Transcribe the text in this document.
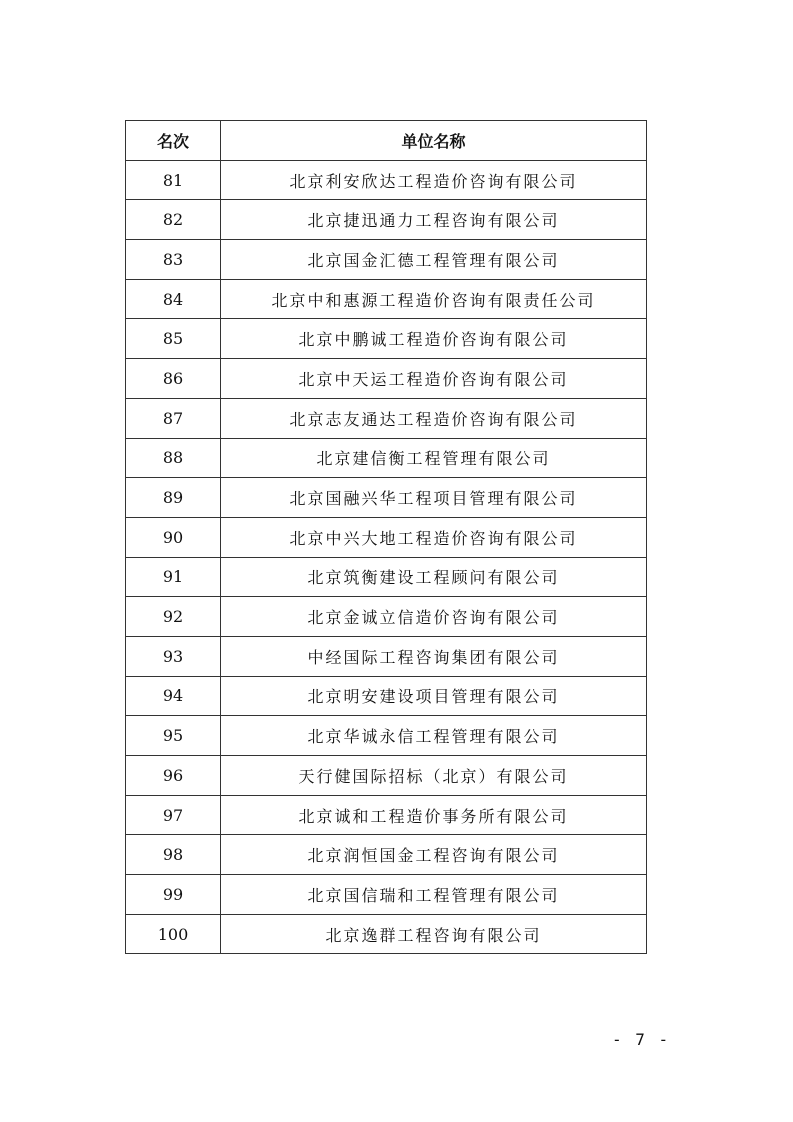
名次	单位名称
81	北京利安欣达工程造价咨询有限公司
82	北京捷迅通力工程咨询有限公司
83	北京国金汇德工程管理有限公司
84	北京中和惠源工程造价咨询有限责任公司
85	北京中鹏诚工程造价咨询有限公司
86	北京中天运工程造价咨询有限公司
87	北京志友通达工程造价咨询有限公司
88	北京建信衡工程管理有限公司
89	北京国融兴华工程项目管理有限公司
90	北京中兴大地工程造价咨询有限公司
91	北京筑衡建设工程顾问有限公司
92	北京金诚立信造价咨询有限公司
93	中经国际工程咨询集团有限公司
94	北京明安建设项目管理有限公司
95	北京华诚永信工程管理有限公司
96	天行健国际招标（北京）有限公司
97	北京诚和工程造价事务所有限公司
98	北京润恒国金工程咨询有限公司
99	北京国信瑞和工程管理有限公司
100	北京逸群工程咨询有限公司
- 7 -
